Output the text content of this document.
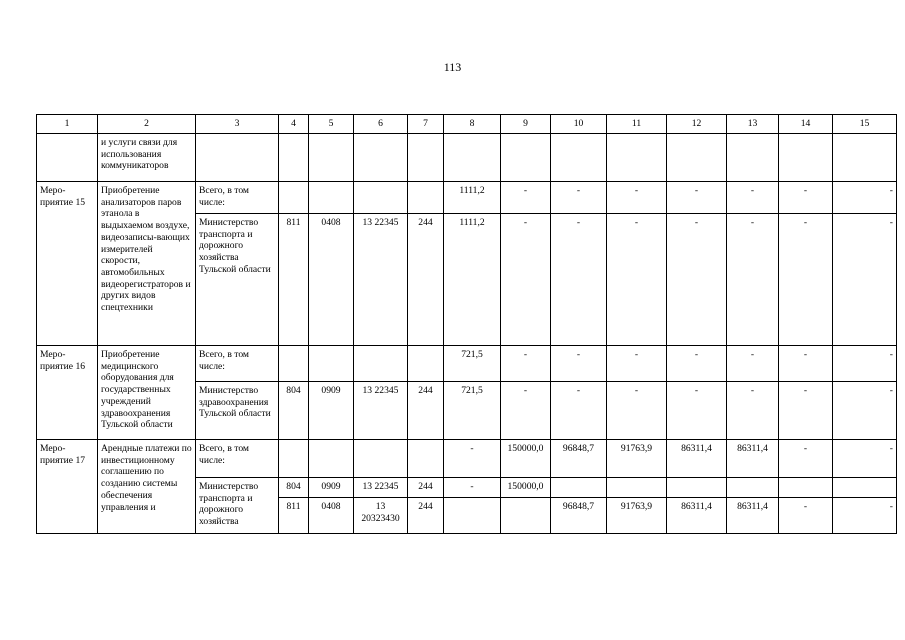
113
1	2	3	4	5	6	7	8	9	10	11	12	13	14	15
	и услуги связи для использования коммуникаторов													
Меро-приятие 15	Приобретение анализаторов паров этанола в выдыхаемом воздухе, видеозаписы-вающих измерителей скорости, автомобильных видеорегистраторов и других видов спецтехники	Всего, в том числе:					1111,2	-	-	-	-	-	-	-
		Министерство транспорта и дорожного хозяйства Тульской области	811	0408	13 22345	244	1111,2	-	-	-	-	-	-	-
Меро-приятие 16	Приобретение медицинского оборудования для государственных учреждений здравоохранения Тульской области	Всего, в том числе:					721,5	-	-	-	-	-	-	-
		Министерство здравоохранения Тульской области	804	0909	13 22345	244	721,5	-	-	-	-	-	-	-
Меро-приятие 17	Арендные платежи по инвестиционному соглашению по созданию системы обеспечения управления и	Всего, в том числе:					-	150000,0	96848,7	91763,9	86311,4	86311,4	-	-
		Министерство транспорта и дорожного хозяйства	804	0909	13 22345	244	-	150000,0						
			811	0408	13 20323430	244			96848,7	91763,9	86311,4	86311,4	-	-
